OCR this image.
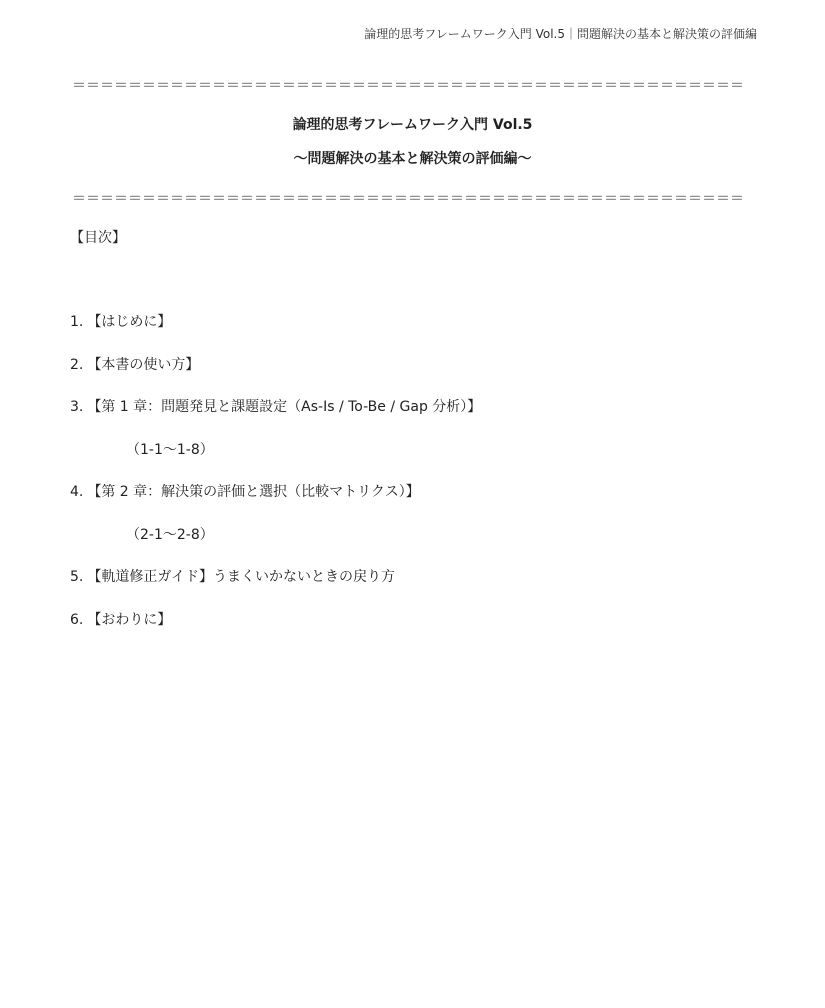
論理的思考フレームワーク入門 Vol.5｜問題解決の基本と解決策の評価編
＝＝＝＝＝＝＝＝＝＝＝＝＝＝＝＝＝＝＝＝＝＝＝＝＝＝＝＝＝＝＝＝＝＝＝＝＝＝＝＝＝＝＝＝＝＝＝＝
論理的思考フレームワーク入門 Vol.5
〜問題解決の基本と解決策の評価編〜
＝＝＝＝＝＝＝＝＝＝＝＝＝＝＝＝＝＝＝＝＝＝＝＝＝＝＝＝＝＝＝＝＝＝＝＝＝＝＝＝＝＝＝＝＝＝＝＝
【目次】
1. 【はじめに】
2. 【本書の使い方】
3. 【第 1 章：問題発見と課題設定（As-Is / To-Be / Gap 分析）】
（1-1〜1-8）
4. 【第 2 章：解決策の評価と選択（比較マトリクス）】
（2-1〜2-8）
5. 【軌道修正ガイド】うまくいかないときの戻り方
6. 【おわりに】
